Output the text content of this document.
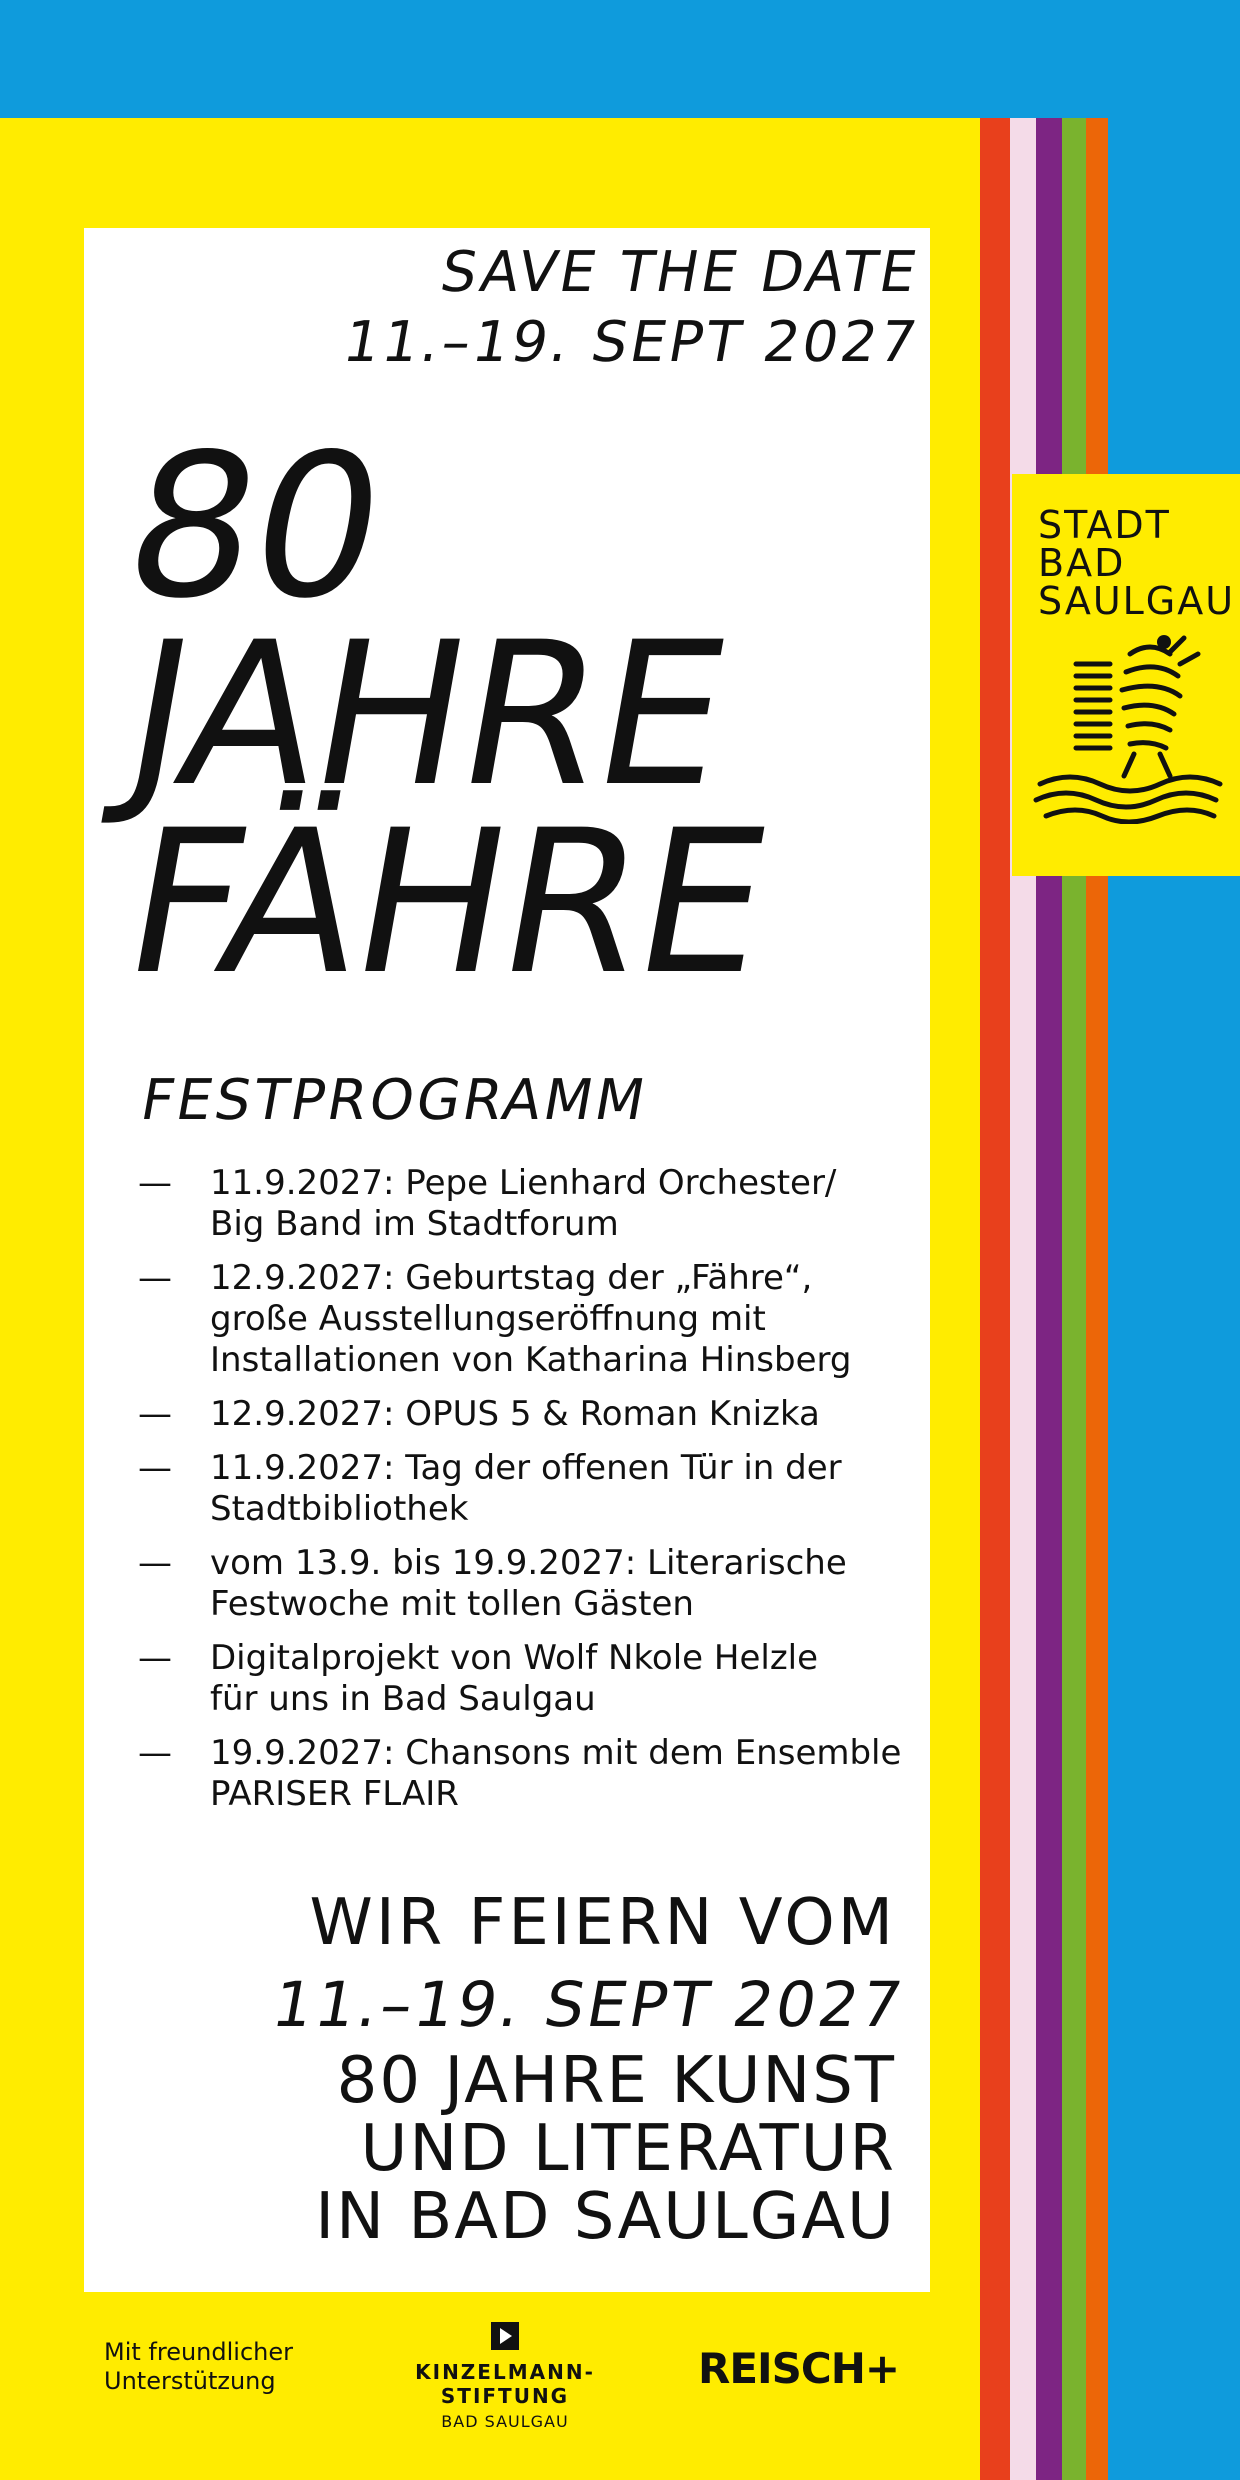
SAVE THE DATE
11.–19. SEPT 2027
80
JAHRE
FÄHRE
FESTPROGRAMM
—	11.9.2027: Pepe Lienhard Orchester/
Big Band im Stadtforum
—	12.9.2027: Geburtstag der „Fähre“,
große Ausstellungseröffnung mit
Installationen von Katharina Hinsberg
—	12.9.2027: OPUS 5 & Roman Knizka
—	11.9.2027: Tag der offenen Tür in der
Stadtbibliothek
—	vom 13.9. bis 19.9.2027: Literarische
Festwoche mit tollen Gästen
—	Digitalprojekt von Wolf Nkole Helzle
für uns in Bad Saulgau
—	19.9.2027: Chansons mit dem Ensemble
PARISER FLAIR
WIR FEIERN VOM
11.–19. SEPT 2027
80 JAHRE KUNST
UND LITERATUR
IN BAD SAULGAU
STADT
BAD
SAULGAU
Mit freundlicher
Unterstützung	KINZELMANN-STIFTUNG
BAD SAULGAU
REISCH+
